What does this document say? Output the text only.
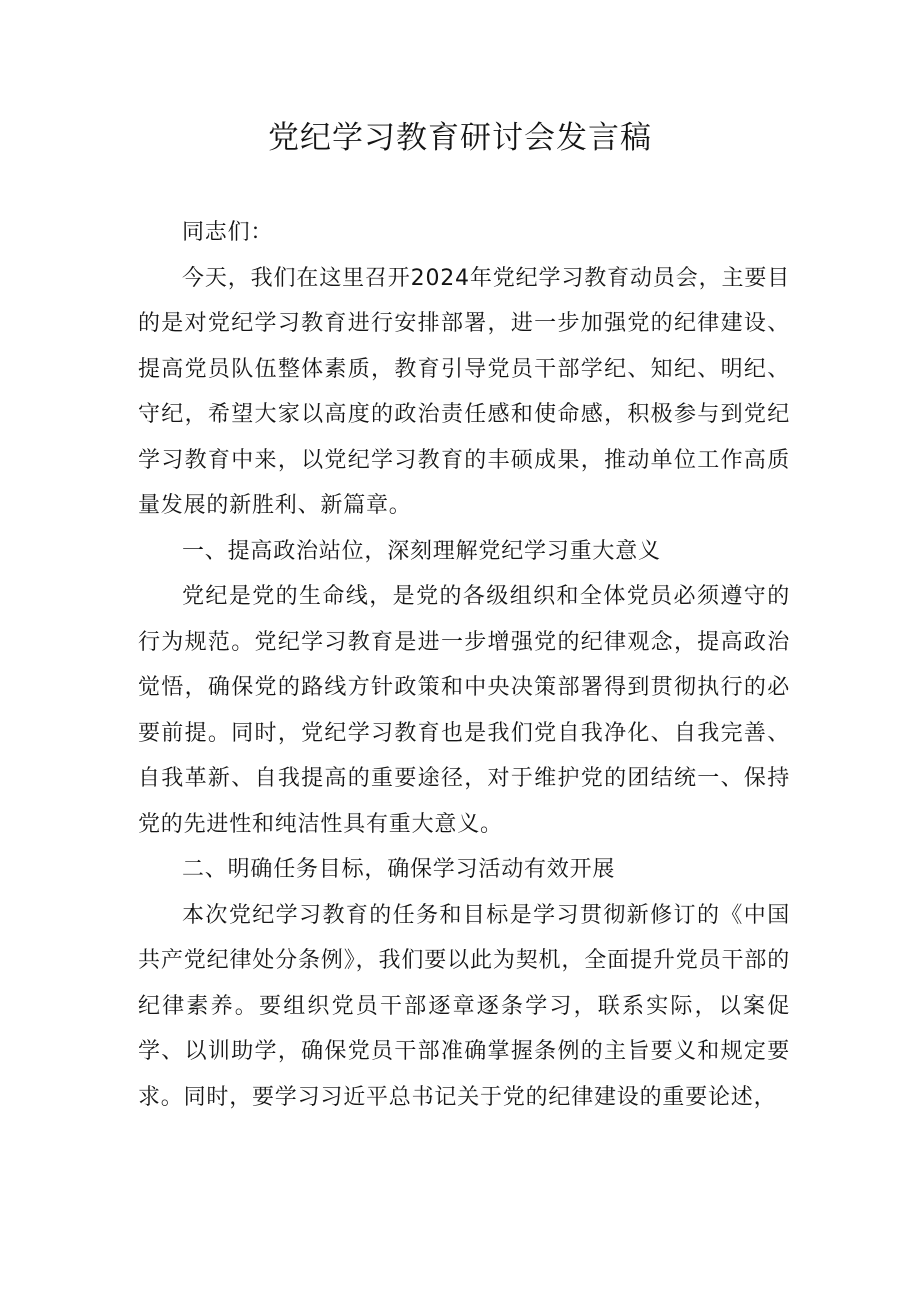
党纪学习教育研讨会发言稿

同志们：

今天，我们在这里召开2024年党纪学习教育动员会，主要目的是对党纪学习教育进行安排部署，进一步加强党的纪律建设、提高党员队伍整体素质，教育引导党员干部学纪、知纪、明纪、守纪，希望大家以高度的政治责任感和使命感，积极参与到党纪学习教育中来，以党纪学习教育的丰硕成果，推动单位工作高质量发展的新胜利、新篇章。

一、提高政治站位，深刻理解党纪学习重大意义

党纪是党的生命线，是党的各级组织和全体党员必须遵守的行为规范。党纪学习教育是进一步增强党的纪律观念，提高政治觉悟，确保党的路线方针政策和中央决策部署得到贯彻执行的必要前提。同时，党纪学习教育也是我们党自我净化、自我完善、自我革新、自我提高的重要途径，对于维护党的团结统一、保持党的先进性和纯洁性具有重大意义。

二、明确任务目标，确保学习活动有效开展

本次党纪学习教育的任务和目标是学习贯彻新修订的《中国共产党纪律处分条例》，我们要以此为契机，全面提升党员干部的纪律素养。要组织党员干部逐章逐条学习，联系实际，以案促学、以训助学，确保党员干部准确掌握条例的主旨要义和规定要求。同时，要学习习近平总书记关于党的纪律建设的重要论述，
